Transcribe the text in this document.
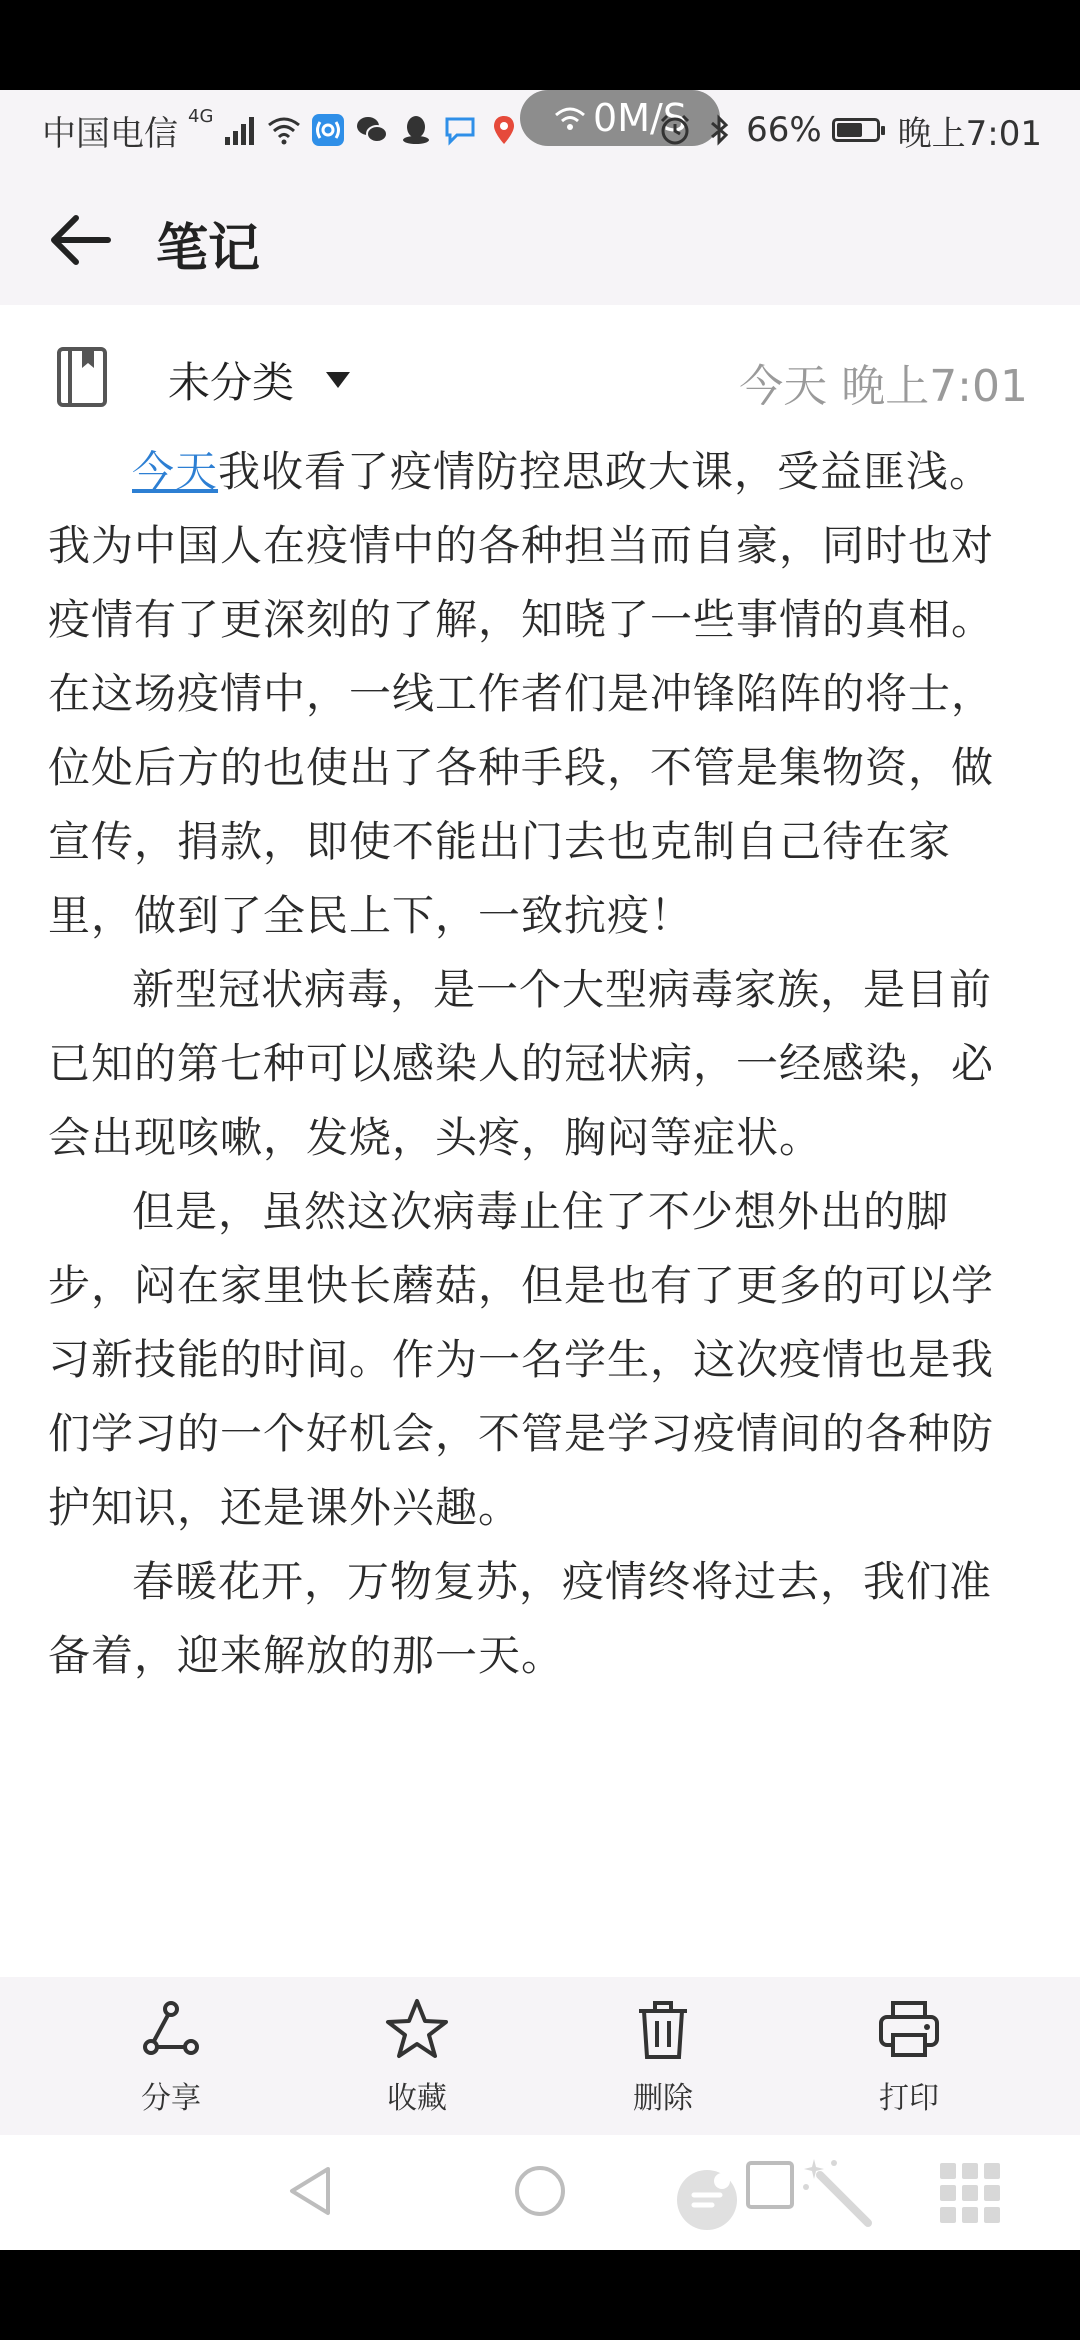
中国电信 4G	0M/S 66% 晚上7:01
笔记
未分类	今天 晚上7:01

今天我收看了疫情防控思政大课，受益匪浅。我为中国人在疫情中的各种担当而自豪，同时也对疫情有了更深刻的了解，知晓了一些事情的真相。在这场疫情中，一线工作者们是冲锋陷阵的将士，位处后方的也使出了各种手段，不管是集物资，做宣传，捐款，即使不能出门去也克制自己待在家里，做到了全民上下，一致抗疫！

新型冠状病毒，是一个大型病毒家族，是目前已知的第七种可以感染人的冠状病，一经感染，必会出现咳嗽，发烧，头疼，胸闷等症状。

但是，虽然这次病毒止住了不少想外出的脚步，闷在家里快长蘑菇，但是也有了更多的可以学习新技能的时间。作为一名学生，这次疫情也是我们学习的一个好机会，不管是学习疫情间的各种防护知识，还是课外兴趣。

春暖花开，万物复苏，疫情终将过去，我们准备着，迎来解放的那一天。

分享	收藏	删除	打印
